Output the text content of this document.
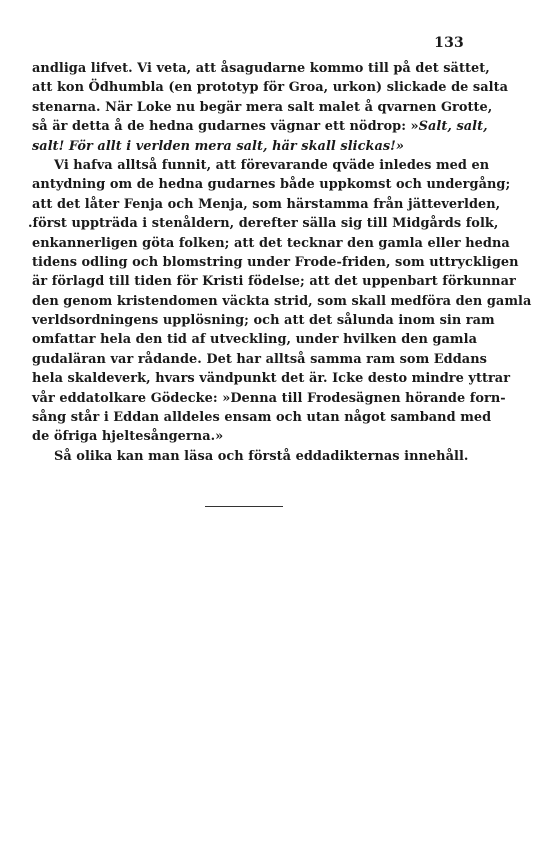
133
andliga lifvet. Vi veta, att åsagudarne kommo till på det sättet,
att kon Ödhumbla (en prototyp för Groa, urkon) slickade de salta
stenarna. När Loke nu begär mera salt malet å qvarnen Grotte,
så är detta å de hedna gudarnes vägnar ett nödrop: »Salt, salt,
salt! För allt i verlden mera salt, här skall slickas!»
Vi hafva alltså funnit, att förevarande qväde inledes med en
antydning om de hedna gudarnes både uppkomst och undergång;
att det låter Fenja och Menja, som härstamma från jätteverlden,
.först uppträda i stenåldern, derefter sälla sig till Midgårds folk,
enkannerligen göta folken; att det tecknar den gamla eller hedna
tidens odling och blomstring under Frode-friden, som uttryckligen
är förlagd till tiden för Kristi födelse; att det uppenbart förkunnar
den genom kristendomen väckta strid, som skall medföra den gamla
verldsordningens upplösning; och att det sålunda inom sin ram
omfattar hela den tid af utveckling, under hvilken den gamla
gudaläran var rådande. Det har alltså samma ram som Eddans
hela skaldeverk, hvars vändpunkt det är. Icke desto mindre yttrar
vår eddatolkare Gödecke: »Denna till Frodesägnen hörande forn-
sång står i Eddan alldeles ensam och utan något samband med
de öfriga hjeltesångerna.»
Så olika kan man läsa och förstå eddadikternas innehåll.
